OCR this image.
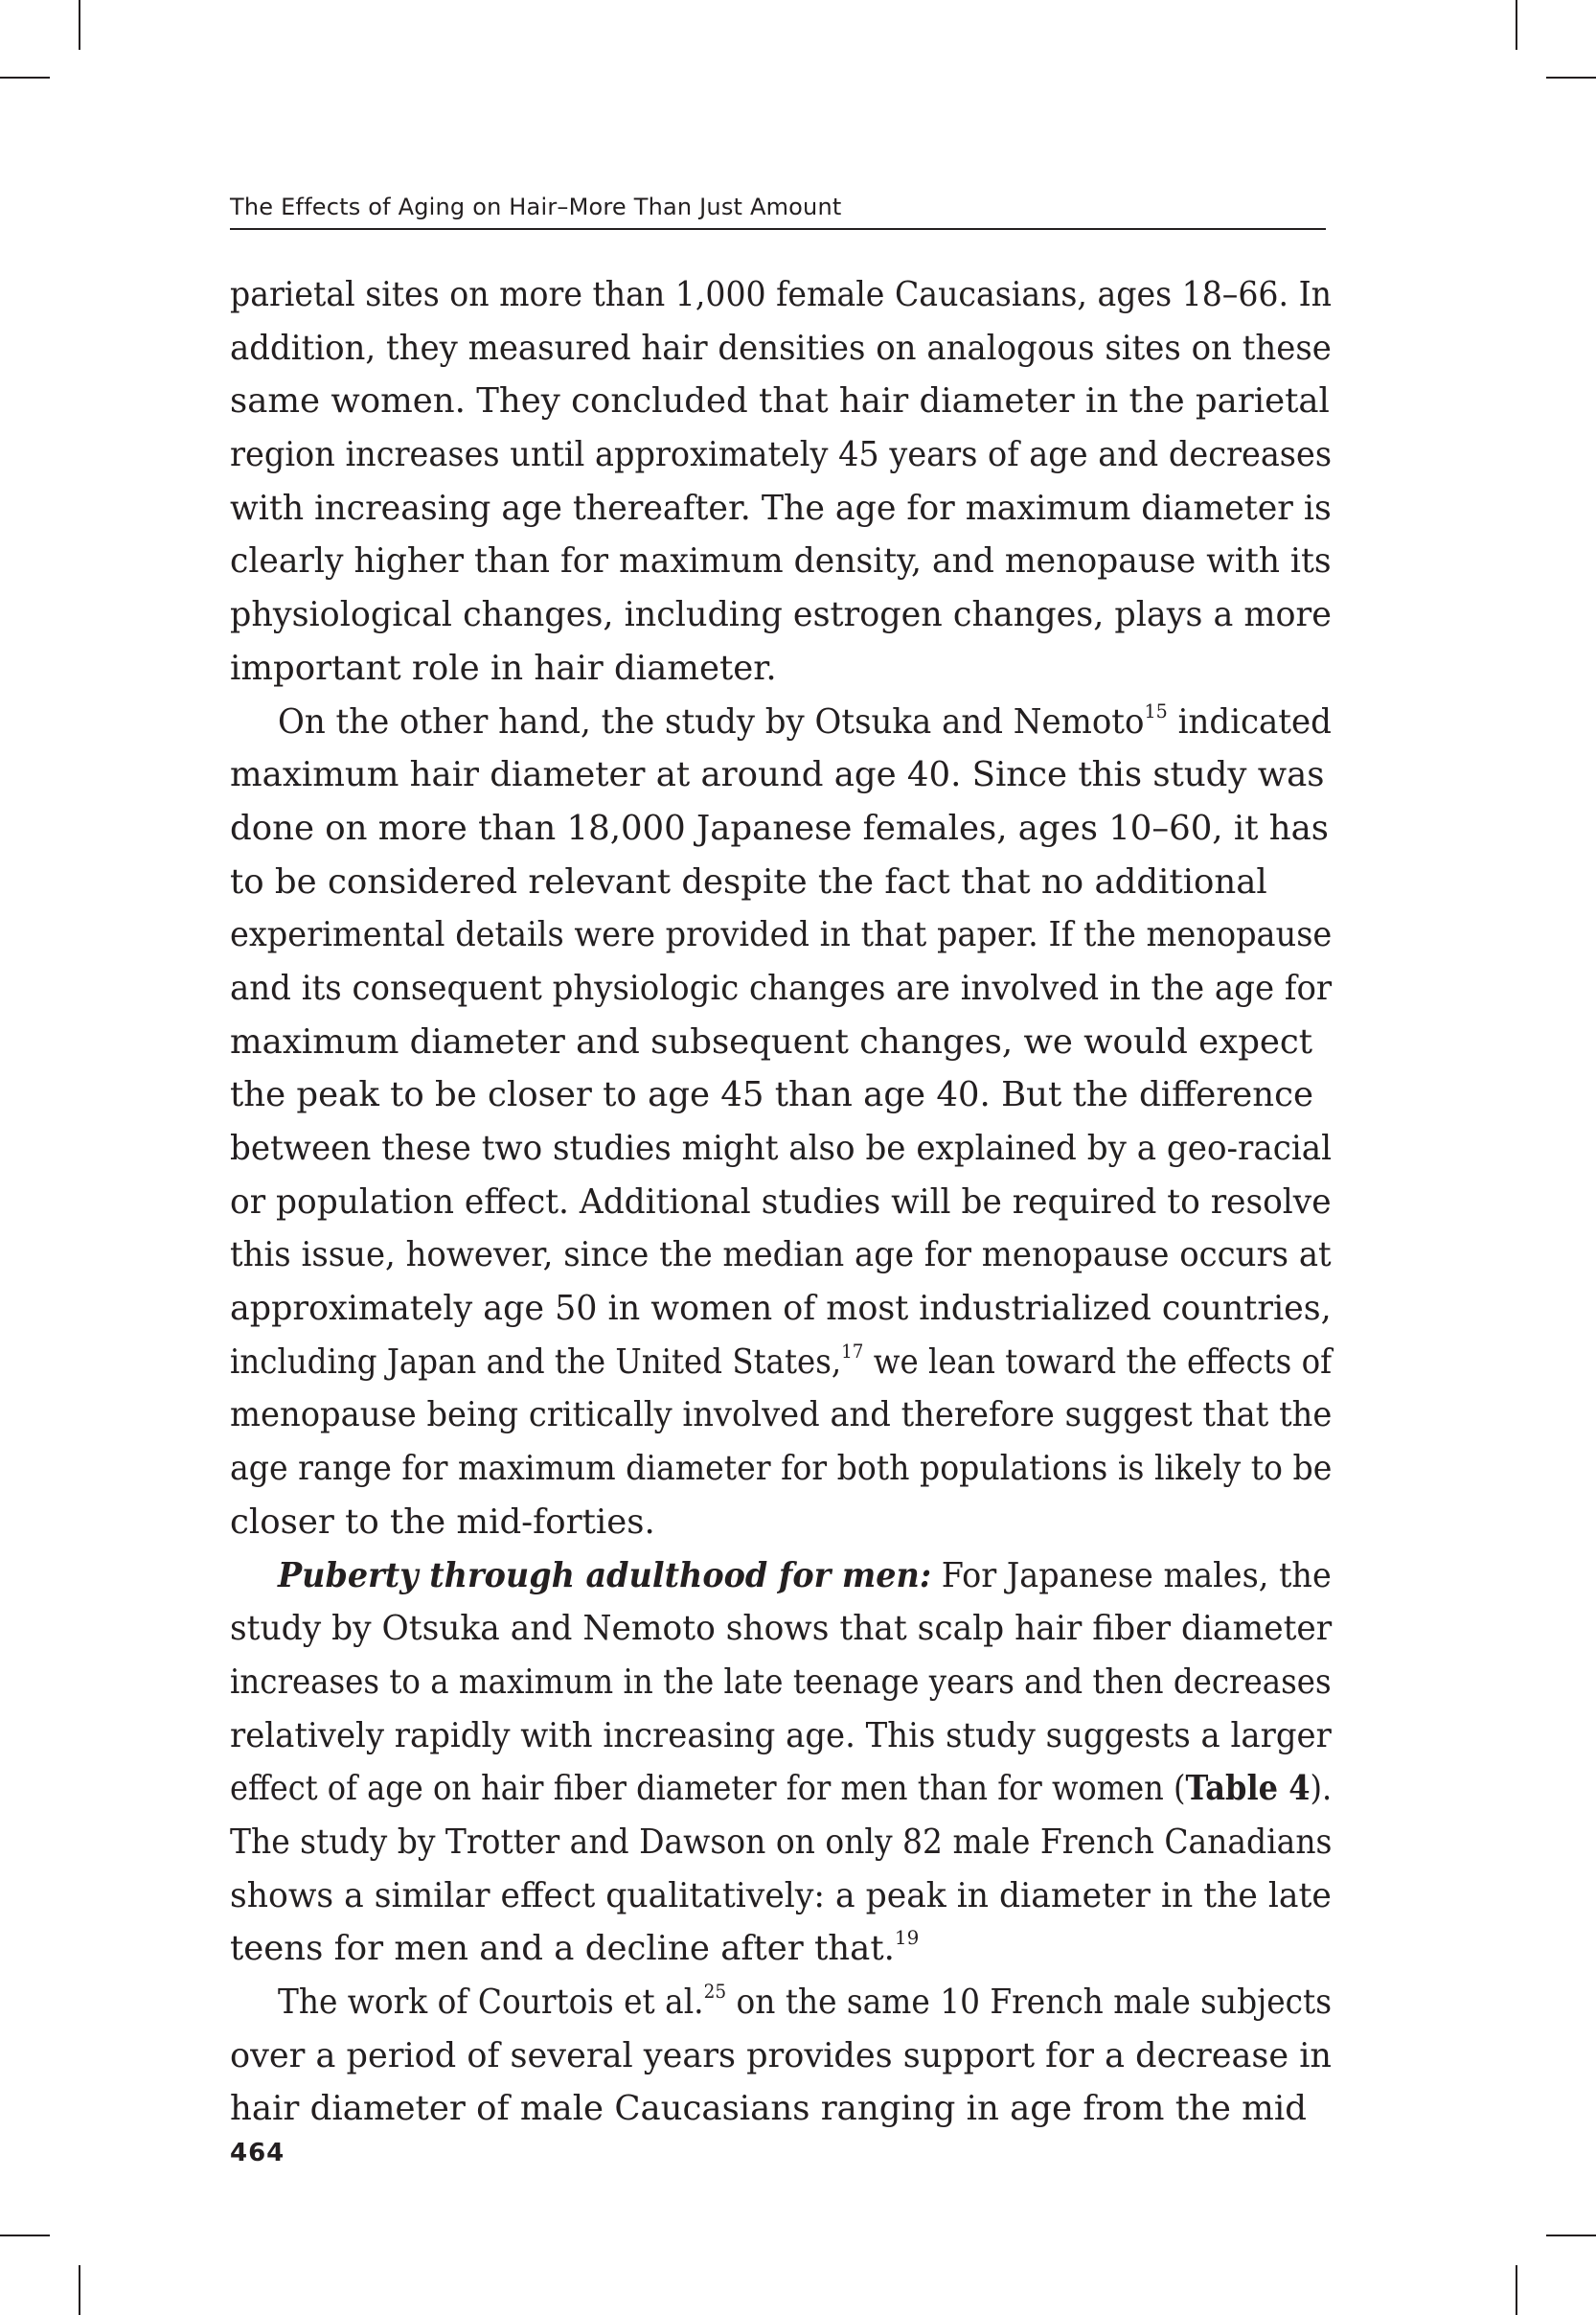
The Effects of Aging on Hair–More Than Just Amount
parietal sites on more than 1,000 female Caucasians, ages 18–66. In
addition, they measured hair densities on analogous sites on these
same women. They concluded that hair diameter in the parietal
region increases until approximately 45 years of age and decreases
with increasing age thereafter. The age for maximum diameter is
clearly higher than for maximum density, and menopause with its
physiological changes, including estrogen changes, plays a more
important role in hair diameter.
On the other hand, the study by Otsuka and Nemoto$^{15}$ indicated
maximum hair diameter at around age 40. Since this study was
done on more than 18,000 Japanese females, ages 10–60, it has
to be considered relevant despite the fact that no additional
experimental details were provided in that paper. If the menopause
and its consequent physiologic changes are involved in the age for
maximum diameter and subsequent changes, we would expect
the peak to be closer to age 45 than age 40. But the difference
between these two studies might also be explained by a geo-racial
or population effect. Additional studies will be required to resolve
this issue, however, since the median age for menopause occurs at
approximately age 50 in women of most industrialized countries,
including Japan and the United States,$^{17}$ we lean toward the effects of
menopause being critically involved and therefore suggest that the
age range for maximum diameter for both populations is likely to be
closer to the mid-forties.
Puberty through adulthood for men: For Japanese males, the
study by Otsuka and Nemoto shows that scalp hair fiber diameter
increases to a maximum in the late teenage years and then decreases
relatively rapidly with increasing age. This study suggests a larger
effect of age on hair fiber diameter for men than for women (Table 4).
The study by Trotter and Dawson on only 82 male French Canadians
shows a similar effect qualitatively: a peak in diameter in the late
teens for men and a decline after that.$^{19}$
The work of Courtois et al.$^{25}$ on the same 10 French male subjects
over a period of several years provides support for a decrease in
hair diameter of male Caucasians ranging in age from the mid
464
